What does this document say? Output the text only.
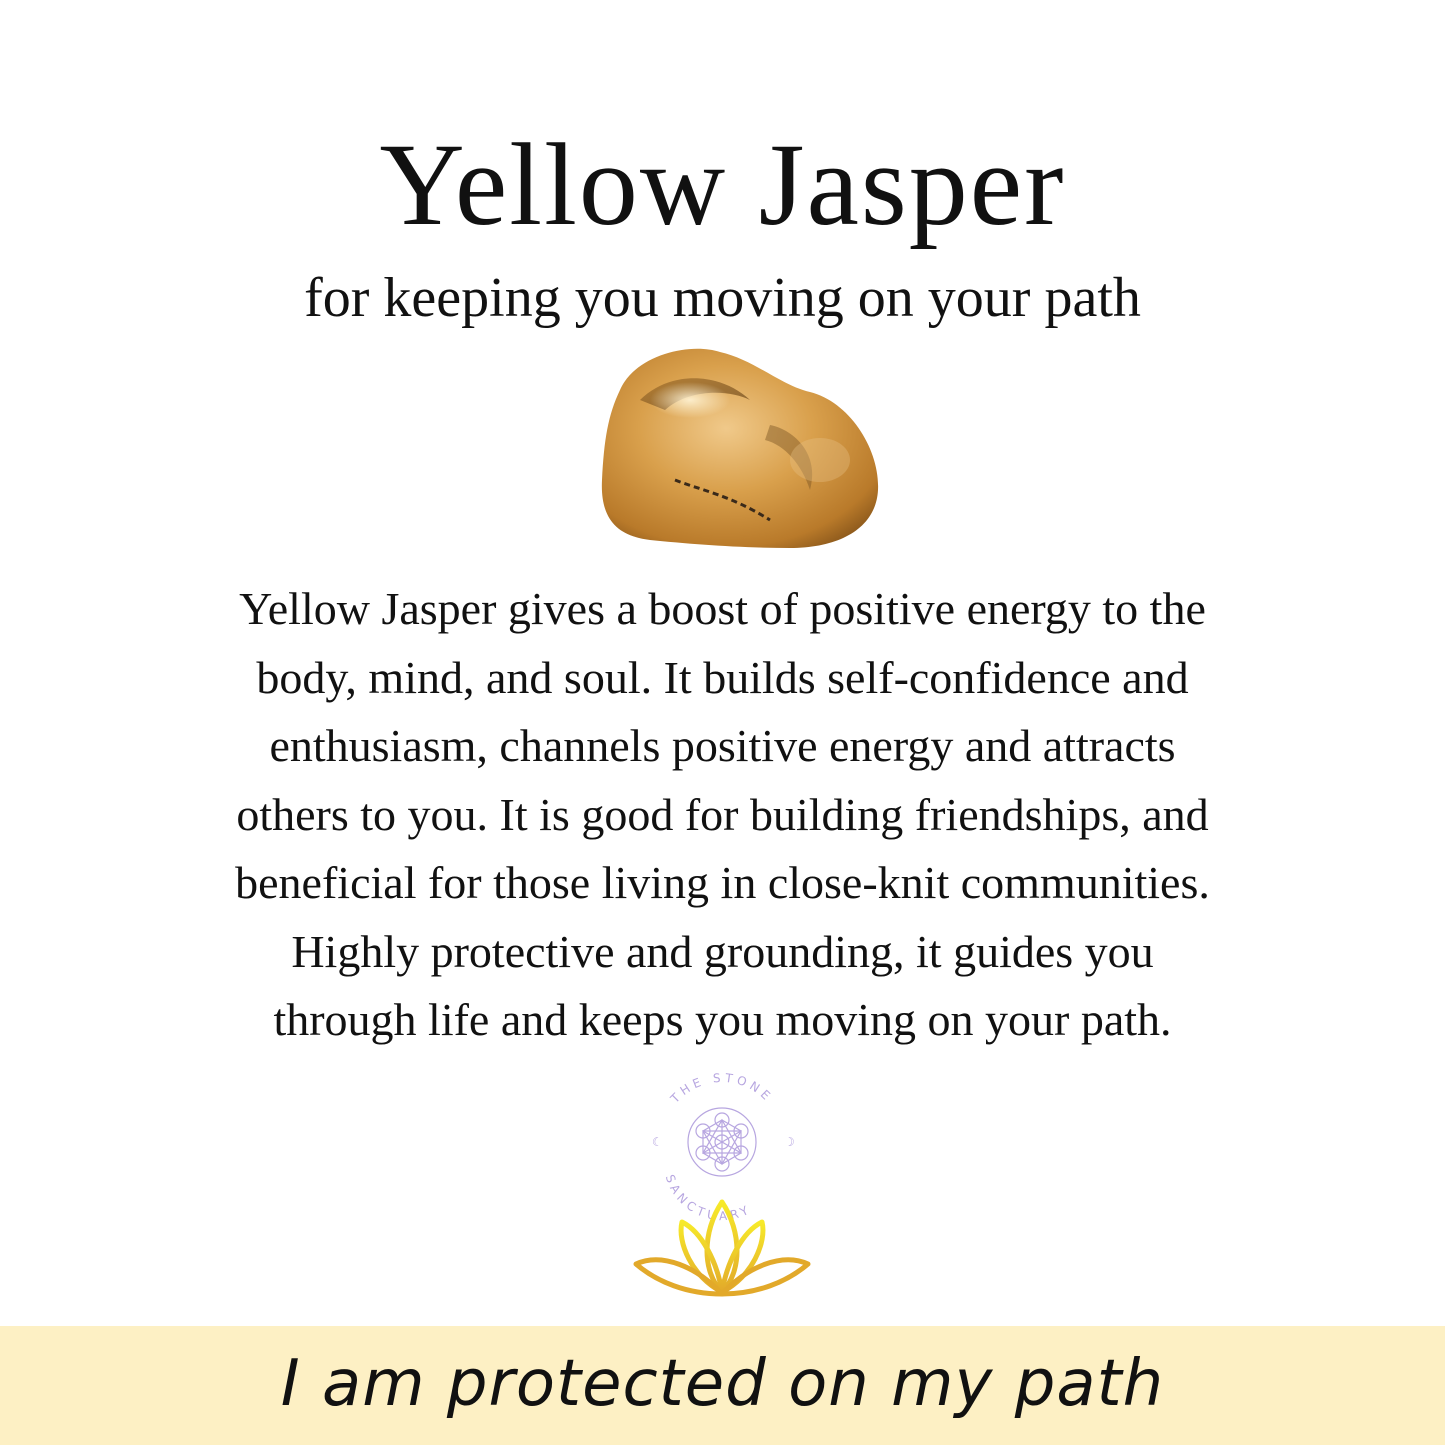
Yellow Jasper
for keeping you moving on your path
Yellow Jasper gives a boost of positive energy to the
body, mind, and soul. It builds self-confidence and
enthusiasm, channels positive energy and attracts
others to you. It is good for building friendships, and
beneficial for those living in close-knit communities.
Highly protective and grounding, it guides you
through life and keeps you moving on your path.
THE STONE
SANCTUARY
☾	☽
I am protected on my path
